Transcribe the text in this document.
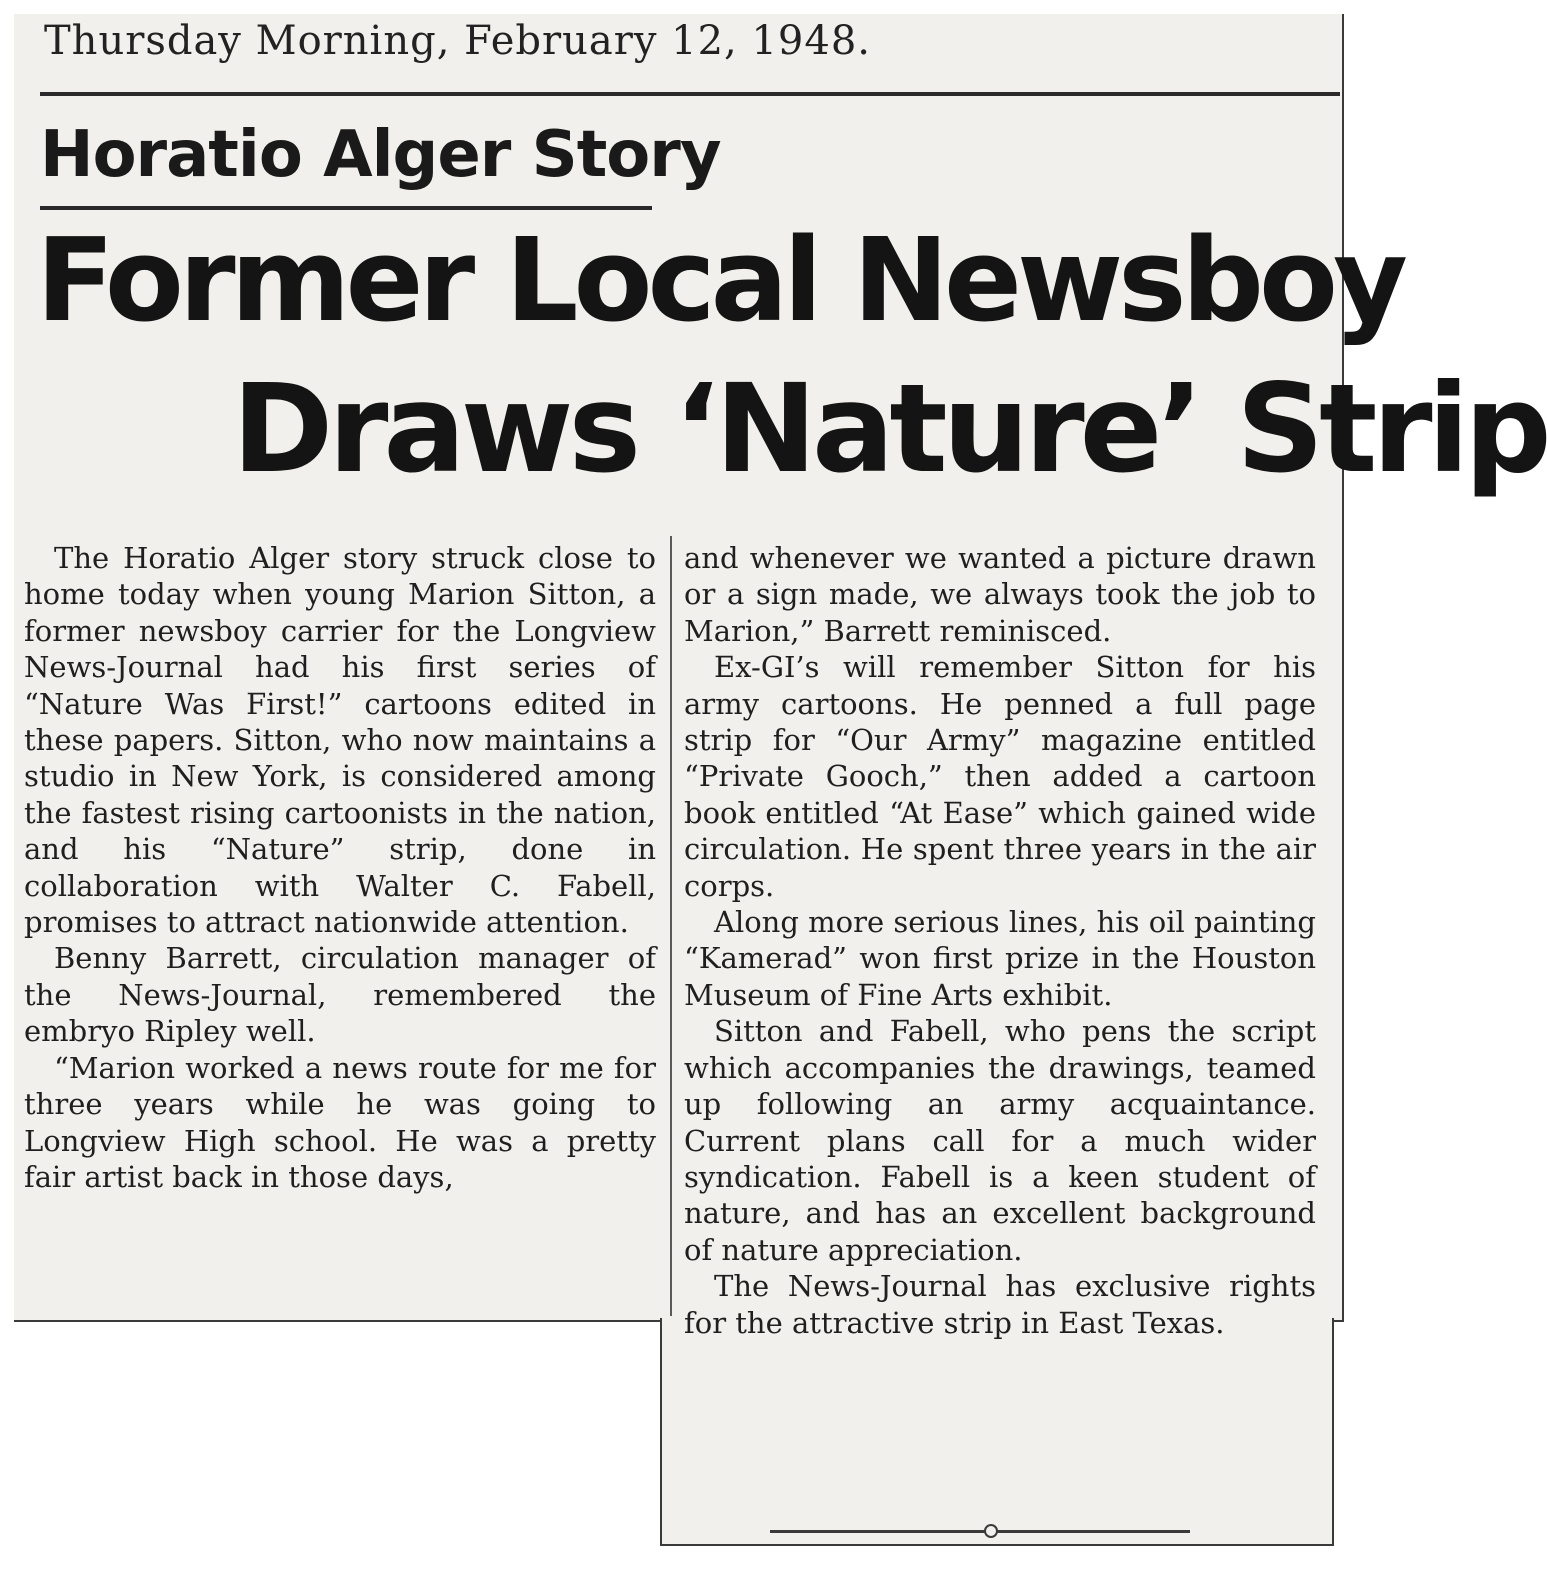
Thursday Morning, February 12, 1948.
Horatio Alger Story
Former Local Newsboy
Draws ‘Nature’ Strip

The Horatio Alger story struck close to home today when young Marion Sitton, a former newsboy carrier for the Longview News-Journal had his first series of “Nature Was First!” cartoons edited in these papers. Sitton, who now maintains a studio in New York, is considered among the fastest rising cartoonists in the nation, and his “Nature” strip, done in collaboration with Walter C. Fabell, promises to attract nationwide attention.

Benny Barrett, circulation manager of the News-Journal, remembered the embryo Ripley well.

“Marion worked a news route for me for three years while he was going to Longview High school. He was a pretty fair artist back in those days,

and whenever we wanted a picture drawn or a sign made, we always took the job to Marion,” Barrett reminisced.

Ex-GI’s will remember Sitton for his army cartoons. He penned a full page strip for “Our Army” magazine entitled “Private Gooch,” then added a cartoon book entitled “At Ease” which gained wide circulation. He spent three years in the air corps.

Along more serious lines, his oil painting “Kamerad” won first prize in the Houston Museum of Fine Arts exhibit.

Sitton and Fabell, who pens the script which accompanies the drawings, teamed up following an army acquaintance. Current plans call for a much wider syndication. Fabell is a keen student of nature, and has an excellent background of nature appreciation.

The News-Journal has exclusive rights for the attractive strip in East Texas.
